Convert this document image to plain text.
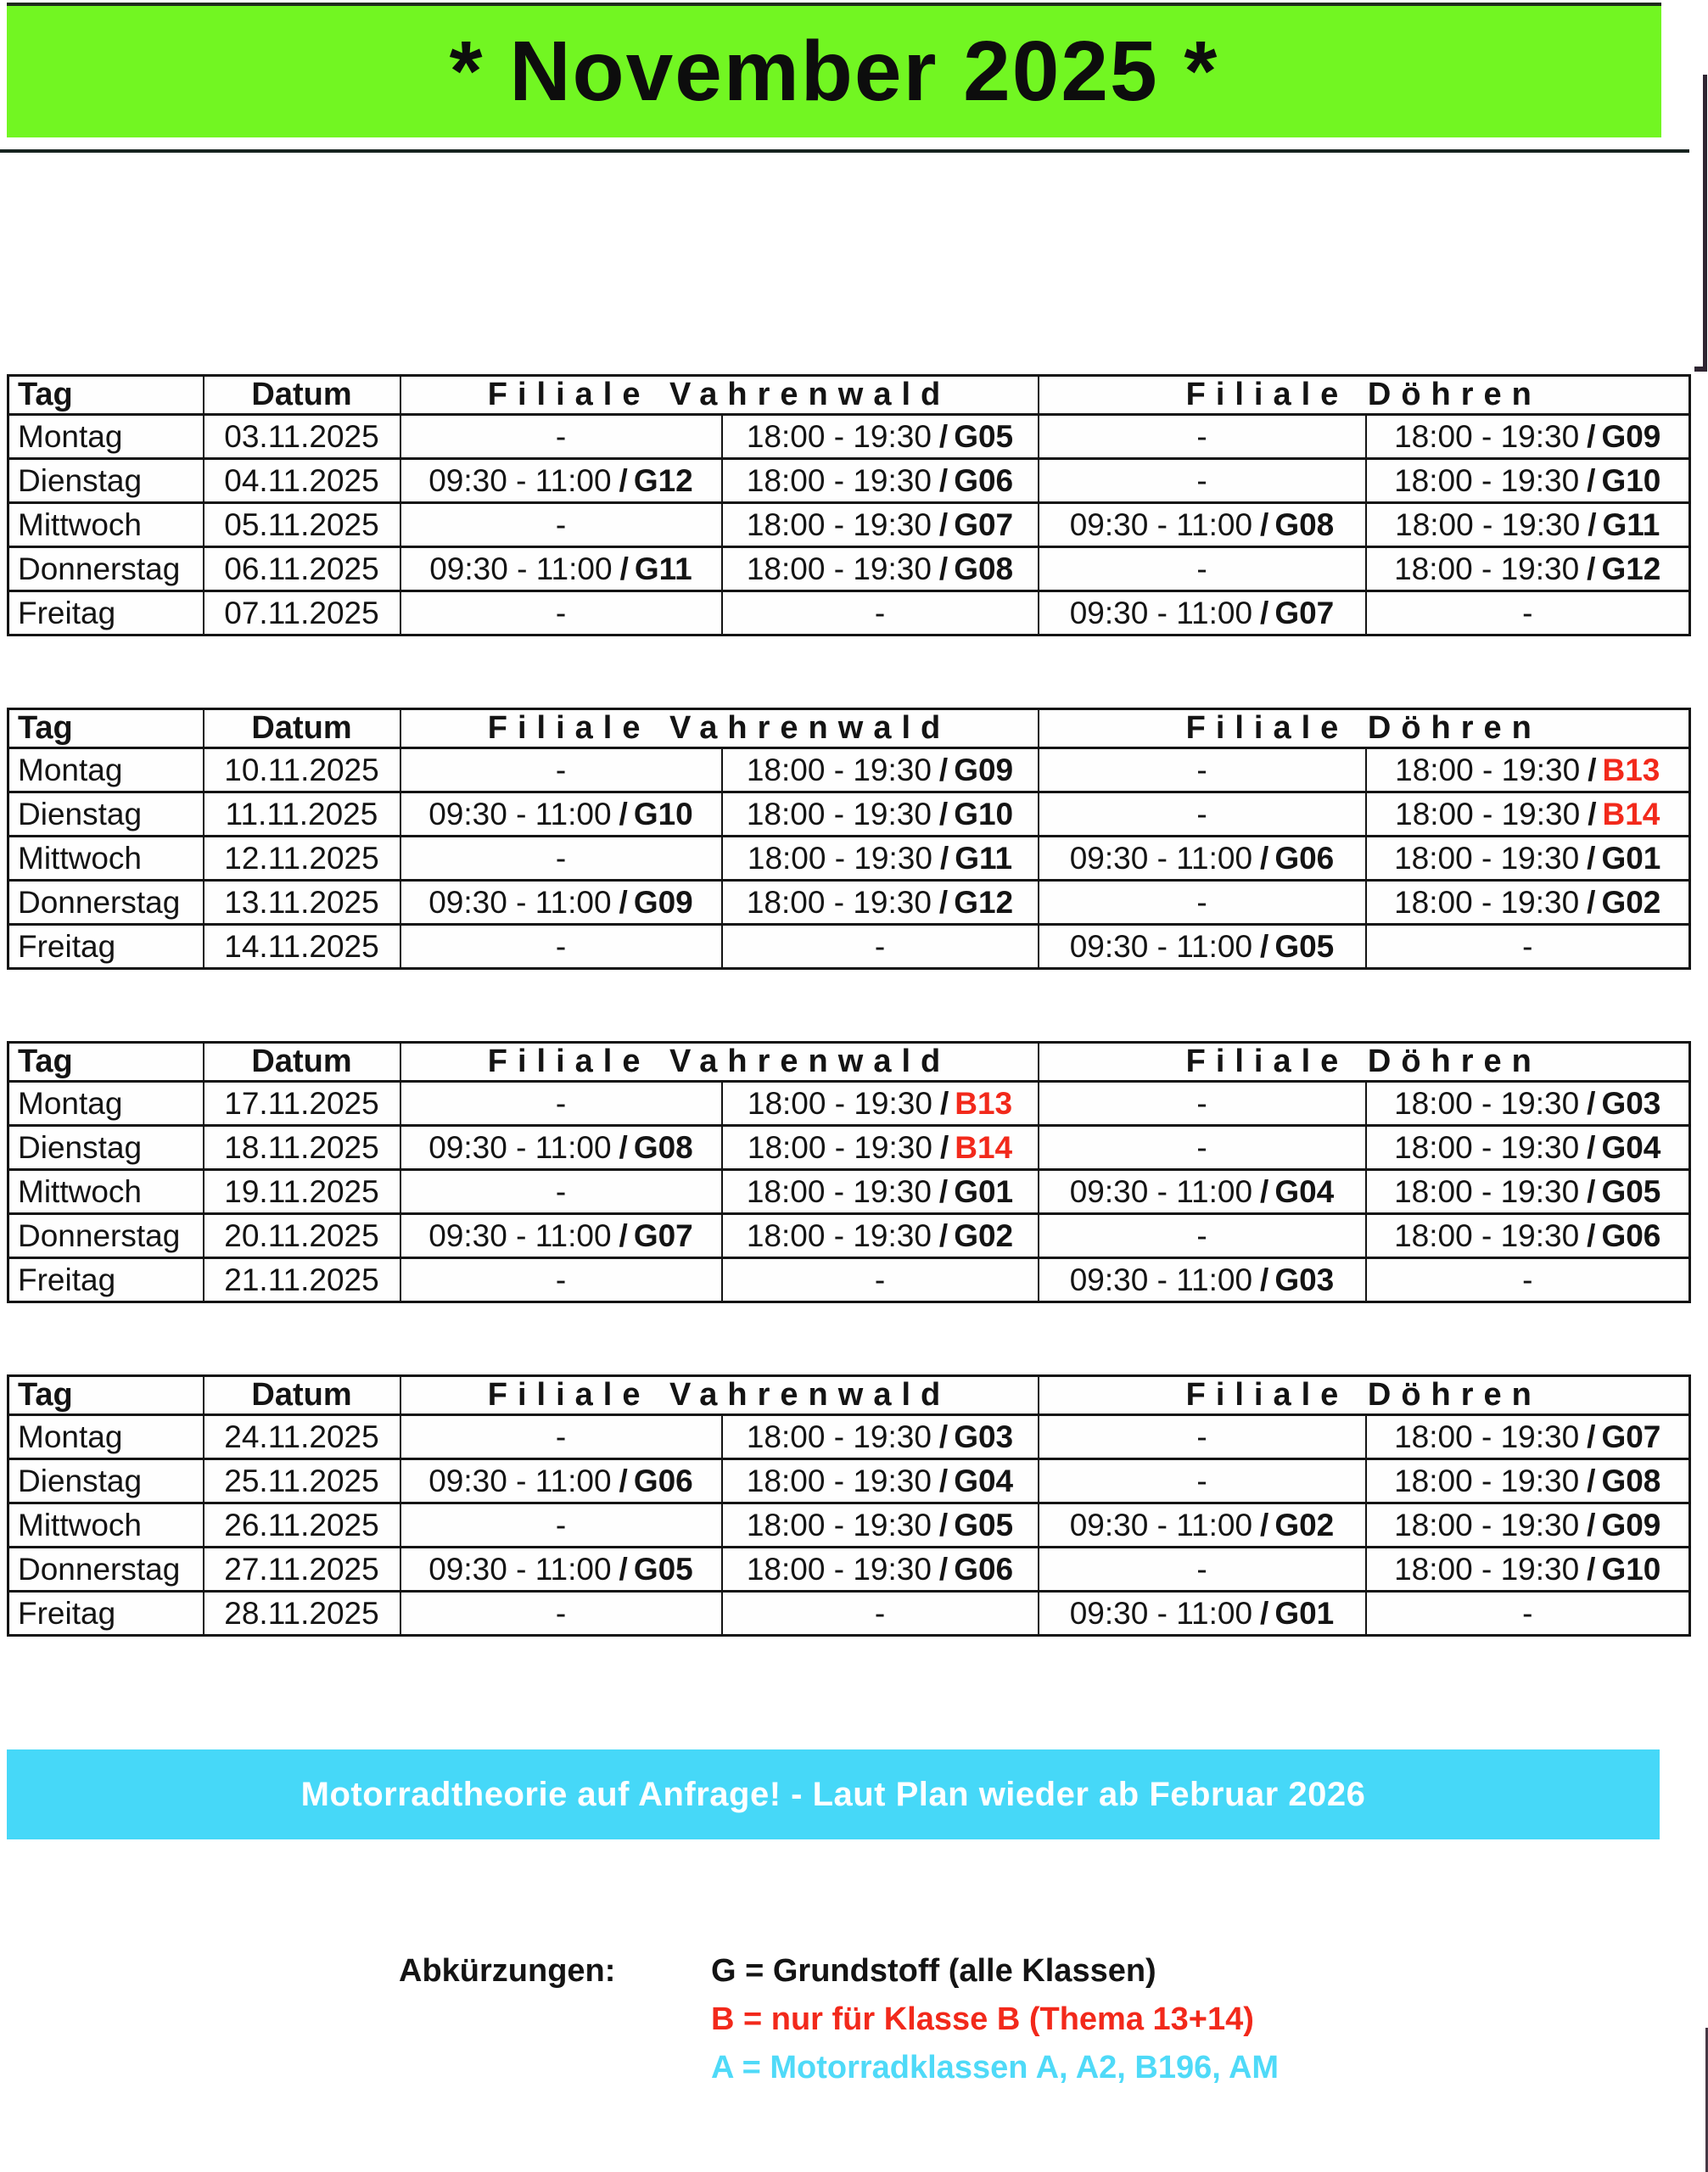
* November 2025 *
Tag	Datum	Filiale Vahrenwald		Filiale Döhren	
Montag	03.11.2025	-	18:00 - 19:30 / G05	-	18:00 - 19:30 / G09
Dienstag	04.11.2025	09:30 - 11:00 / G12	18:00 - 19:30 / G06	-	18:00 - 19:30 / G10
Mittwoch	05.11.2025	-	18:00 - 19:30 / G07	09:30 - 11:00 / G08	18:00 - 19:30 / G11
Donnerstag	06.11.2025	09:30 - 11:00 / G11	18:00 - 19:30 / G08	-	18:00 - 19:30 / G12
Freitag	07.11.2025	-	-	09:30 - 11:00 / G07	-
Tag	Datum	Filiale Vahrenwald		Filiale Döhren	
Montag	10.11.2025	-	18:00 - 19:30 / G09	-	18:00 - 19:30 / B13
Dienstag	11.11.2025	09:30 - 11:00 / G10	18:00 - 19:30 / G10	-	18:00 - 19:30 / B14
Mittwoch	12.11.2025	-	18:00 - 19:30 / G11	09:30 - 11:00 / G06	18:00 - 19:30 / G01
Donnerstag	13.11.2025	09:30 - 11:00 / G09	18:00 - 19:30 / G12	-	18:00 - 19:30 / G02
Freitag	14.11.2025	-	-	09:30 - 11:00 / G05	-
Tag	Datum	Filiale Vahrenwald		Filiale Döhren	
Montag	17.11.2025	-	18:00 - 19:30 / B13	-	18:00 - 19:30 / G03
Dienstag	18.11.2025	09:30 - 11:00 / G08	18:00 - 19:30 / B14	-	18:00 - 19:30 / G04
Mittwoch	19.11.2025	-	18:00 - 19:30 / G01	09:30 - 11:00 / G04	18:00 - 19:30 / G05
Donnerstag	20.11.2025	09:30 - 11:00 / G07	18:00 - 19:30 / G02	-	18:00 - 19:30 / G06
Freitag	21.11.2025	-	-	09:30 - 11:00 / G03	-
Tag	Datum	Filiale Vahrenwald		Filiale Döhren	
Montag	24.11.2025	-	18:00 - 19:30 / G03	-	18:00 - 19:30 / G07
Dienstag	25.11.2025	09:30 - 11:00 / G06	18:00 - 19:30 / G04	-	18:00 - 19:30 / G08
Mittwoch	26.11.2025	-	18:00 - 19:30 / G05	09:30 - 11:00 / G02	18:00 - 19:30 / G09
Donnerstag	27.11.2025	09:30 - 11:00 / G05	18:00 - 19:30 / G06	-	18:00 - 19:30 / G10
Freitag	28.11.2025	-	-	09:30 - 11:00 / G01	-
Motorradtheorie auf Anfrage! - Laut Plan wieder ab Februar 2026
Abkürzungen:	G = Grundstoff (alle Klassen)
B = nur für Klasse B (Thema 13+14)
A = Motorradklassen A, A2, B196, AM
